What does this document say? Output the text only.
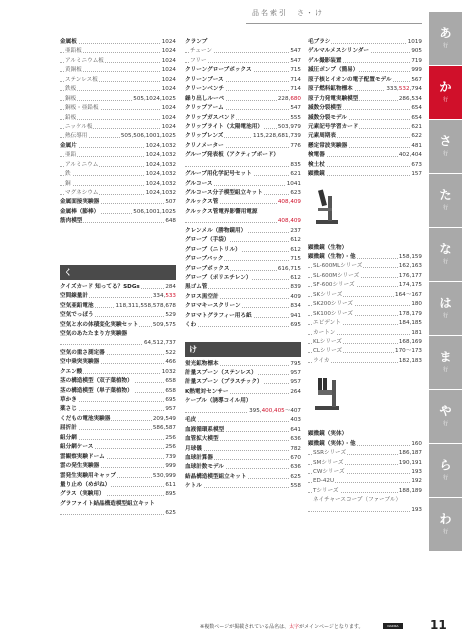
品名索引　 さ・け
金属板	1024
亜鉛板	1024
アルミニウム板	1024
黄銅板	1024
ステンレス板	1024
鉄板	1024
銅板	505,1024,1025
銅板・亜鉛板	1024
鉛板	1024
ニッケル板	1024
熱伝導用	505,506,1001,1025
金属片	1024,1032
亜鉛	1024,1032
アルミニウム	1024,1032
鉄	1024,1032
銅	1024,1032
マグネシウム	1024,1032
金属面接実験器	507
金属棒（膨棒）	506,1001,1025
筋肉模型	648
く
クイズカード 知ってる？SDGs	284
空間線量計	334,533
空気亜鉛電池	118,311,558,578,678
空気でっぽう	529
空気と水の体積変化実験セット	509,575
空気のあたたまり方実験器
64,512,737
空気の重さ測定器	522
空中乗突実験器	466
クエン酸	1032
茎の構造模型（双子葉植物）	658
茎の構造模型（単子葉植物）	658
草かき	695
薬さじ	957
くだもの電池実験器	209,549
屈折計	586,587
組分網	256
組分網ケース	256
雲観察実験ドーム	739
雲の発生実験器	999
雲発生実験用キャップ	530,999
量り止め（めがね）	611
グラス（実験用）	895
グラファイト結晶構造模型組立キット
625
クランプ
チェーン	547
フリー	547
クリーングローブボックス	715
クリーンブース	714
クリーンベンチ	714
繰り出しルーペ	228,680
クリップアーム	547
クリップガスバンド	555
クリップライト（太陽電池用）	503,979
クリップレンズ	115,228,681,739
クリノメーター	776
グループ発表板（アクティブボード）
835
グループ用化学記号セット	621
グルコース	1041
グルコース分子模型組立キット	623
クルックス管	408,409
クルックス管電界影響用電源
408,409
クレンメル（勝物鏡用）	237
グローブ（手袋）	612
グローブ（ニトリル）	612
グローブバック	715
グローブボックス	616,715
グローブ（ポリエチレン）	612
黒ゴム管	839
クロス黒空計	409
クロマキースクリーン	834
クロマトグラフィー用ろ紙	941
くわ	695
け
蛍光鉱物標本	795
計量スプーン（ステンレス）	957
計量スプーン（プラスチック）	957
K熱電対センサー	264
ケーブル（誘導コイル用）
395,400,405〜407
毛皮	403
血液循環系模型	641
血管拡大模型	636
月球儀	782
血球計算器	670
血球計数モデル	636
結晶構造模型組立キット	625
ケトル	558
毛ブラシ	1019
ゲルマルメスシリンダー	905
ゲル撮影装置	719
減圧ポンプ（簡易）	999
原子核とイオンの電子配置モデル	567
原子燃料鉱物標本	333,532,794
原子力発電実験模型	286,534
減数分裂模型	654
減数分裂モデル	654
元素記号学習カード	621
元素周期表	622
懸定常波実験器	481
検電器	402,404
検土杖	673
顕微鏡	157
顕微鏡（生物）
顕微鏡（生物）・他	158,159
SL-600MLシリーズ	162,163
SL-600Mシリーズ	176,177
SF-600シリーズ	174,175
SKシリーズ	164〜167
SK200シリーズ	180
SK100シリーズ	178,179
エビデント	184,185
カートン	181
KLシリーズ	168,169
CLシリーズ	170〜173
ライカ	182,183
顕微鏡（実体）
顕微鏡（実体）・他	160
SSRシリーズ	186,187
SMシリーズ	190,191
CWシリーズ	193
ED-42U	192
Tシリーズ	188,189
ネイチャースコープ（ファーブル）
193
あ
行
か
行
さ
行
た
行
な
行
は
行
ま
行
や
行
ら
行
わ
行
※複数ページが掲載されている品名は、太字がメインページとなります。	NARIKA	11
